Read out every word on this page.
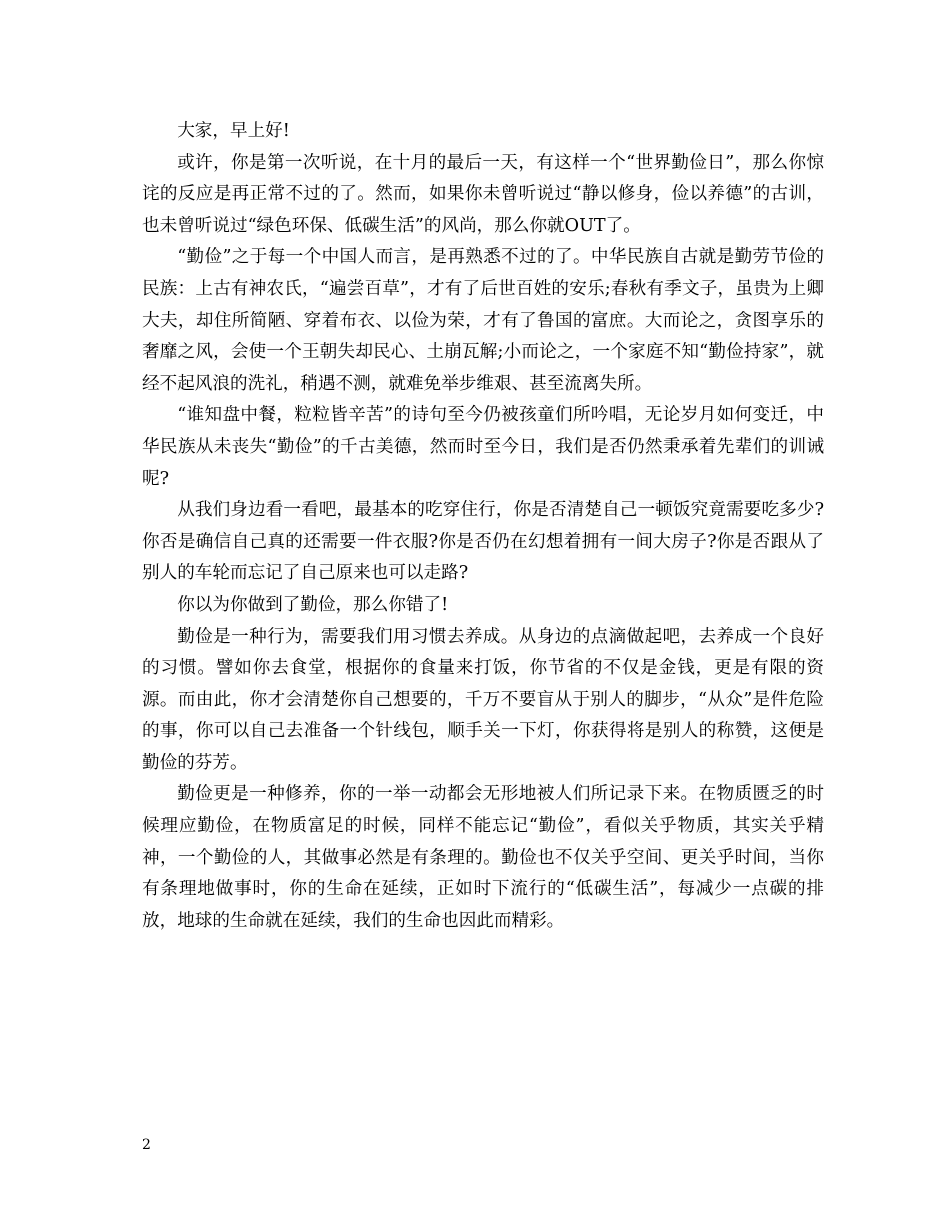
大家，早上好!

或许，你是第一次听说，在十月的最后一天，有这样一个“世界勤俭日”，那么你惊诧的反应是再正常不过的了。然而，如果你未曾听说过“静以修身，俭以养德”的古训，也未曾听说过“绿色环保、低碳生活”的风尚，那么你就OUT了。

“勤俭”之于每一个中国人而言，是再熟悉不过的了。中华民族自古就是勤劳节俭的民族：上古有神农氏，“遍尝百草”，才有了后世百姓的安乐;春秋有季文子，虽贵为上卿大夫，却住所简陋、穿着布衣、以俭为荣，才有了鲁国的富庶。大而论之，贪图享乐的奢靡之风，会使一个王朝失却民心、土崩瓦解;小而论之，一个家庭不知“勤俭持家”，就经不起风浪的洗礼，稍遇不测，就难免举步维艰、甚至流离失所。

“谁知盘中餐，粒粒皆辛苦”的诗句至今仍被孩童们所吟唱，无论岁月如何变迁，中华民族从未丧失“勤俭”的千古美德，然而时至今日，我们是否仍然秉承着先辈们的训诫呢?

从我们身边看一看吧，最基本的吃穿住行，你是否清楚自己一顿饭究竟需要吃多少?你否是确信自己真的还需要一件衣服?你是否仍在幻想着拥有一间大房子?你是否跟从了别人的车轮而忘记了自己原来也可以走路?

你以为你做到了勤俭，那么你错了!

勤俭是一种行为，需要我们用习惯去养成。从身边的点滴做起吧，去养成一个良好的习惯。譬如你去食堂，根据你的食量来打饭，你节省的不仅是金钱，更是有限的资源。而由此，你才会清楚你自己想要的，千万不要盲从于别人的脚步，“从众”是件危险的事，你可以自己去准备一个针线包，顺手关一下灯，你获得将是别人的称赞，这便是勤俭的芬芳。

勤俭更是一种修养，你的一举一动都会无形地被人们所记录下来。在物质匮乏的时候理应勤俭，在物质富足的时候，同样不能忘记“勤俭”，看似关乎物质，其实关乎精神，一个勤俭的人，其做事必然是有条理的。勤俭也不仅关乎空间、更关乎时间，当你有条理地做事时，你的生命在延续，正如时下流行的“低碳生活”，每减少一点碳的排放，地球的生命就在延续，我们的生命也因此而精彩。

2
